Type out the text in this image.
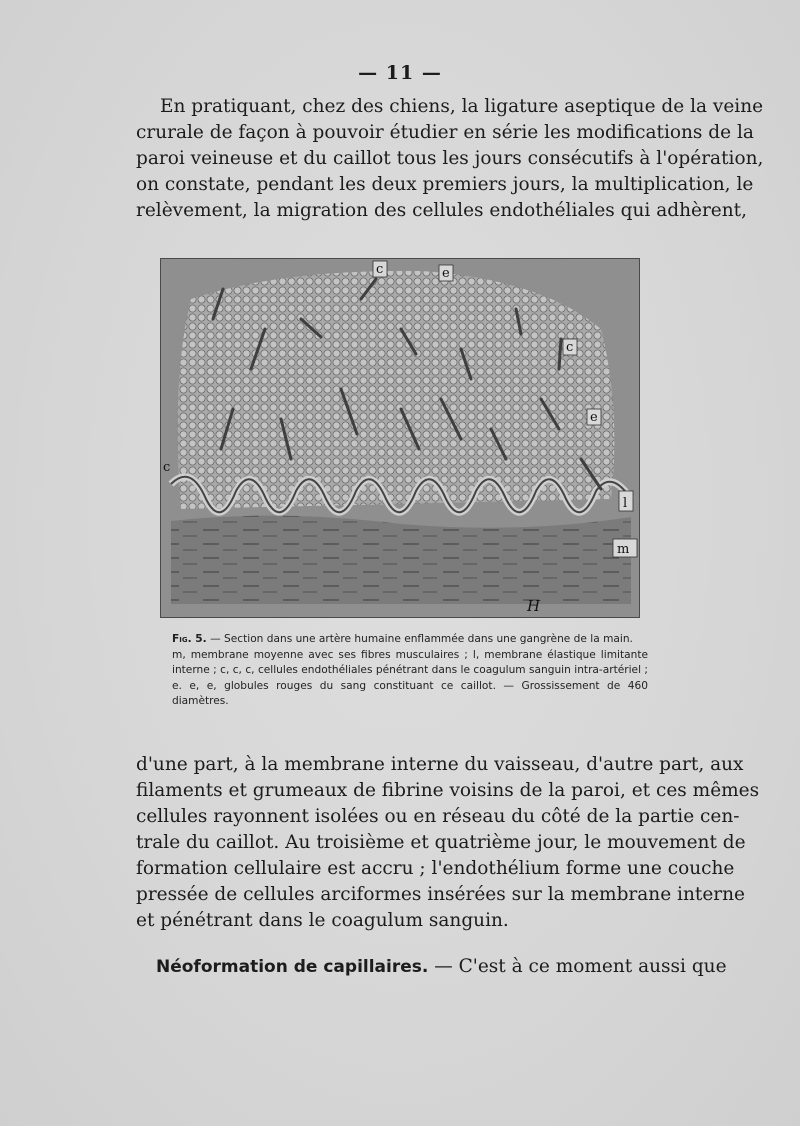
— 11 —

En pratiquant, chez des chiens, la ligature aseptique de la veine
crurale de façon à pouvoir étudier en série les modifications de la
paroi veineuse et du caillot tous les jours consécutifs à l'opération,
on constate, pendant les deux premiers jours, la multiplication, le
relèvement, la migration des cellules endothéliales qui adhèrent,

c	e
c
e
c
l
m
H
Fig. 5. — Section dans une artère humaine enflammée dans une gangrène de la main.
m, membrane moyenne avec ses fibres musculaires ; l, membrane élastique limitante interne ; c, c, c, cellules endothéliales pénétrant dans le coagulum sanguin intra-artériel ; e. e, e, globules rouges du sang constituant ce caillot. — Grossissement de 460 diamètres.

d'une part, à la membrane interne du vaisseau, d'autre part, aux
filaments et grumeaux de fibrine voisins de la paroi, et ces mêmes
cellules rayonnent isolées ou en réseau du côté de la partie cen-
trale du caillot. Au troisième et quatrième jour, le mouvement de
formation cellulaire est accru ; l'endothélium forme une couche
pressée de cellules arciformes insérées sur la membrane interne
et pénétrant dans le coagulum sanguin.

Néoformation de capillaires. — C'est à ce moment aussi que
